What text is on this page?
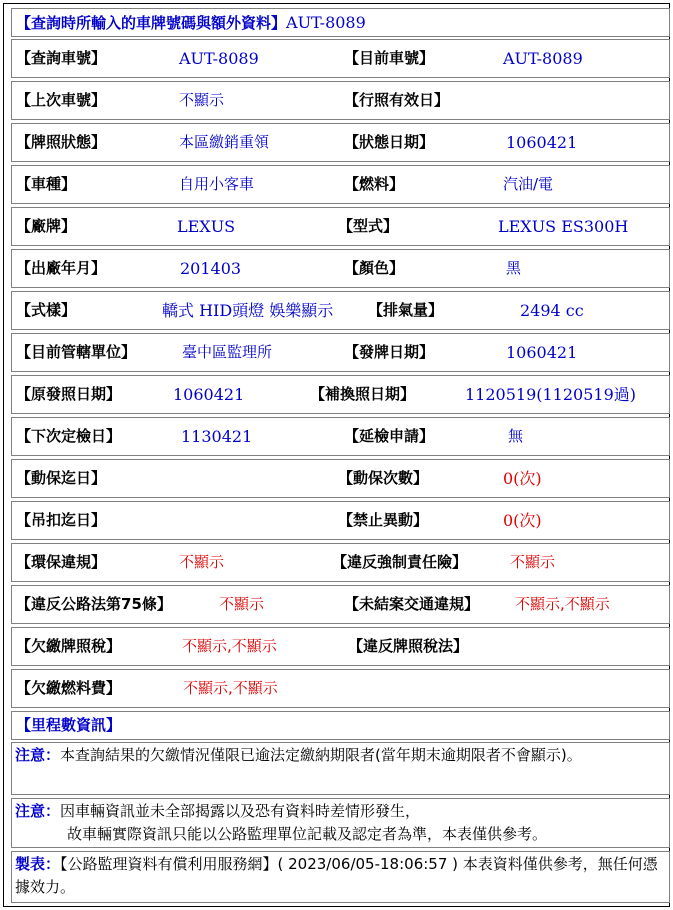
【查詢時所輸入的車牌號碼與額外資料】AUT-8089
【查詢車號】	AUT-8089	【目前車號】	AUT-8089
【上次車號】	不顯示	【行照有效日】
【牌照狀態】	本區繳銷重領	【狀態日期】	1060421
【車種】	自用小客車	【燃料】	汽油/電
【廠牌】	LEXUS	【型式】	LEXUS ES300H
【出廠年月】	201403	【顏色】	黑
【式樣】	轎式 HID頭燈 娛樂顯示 【排氣量】	2494 cc
【目前管轄單位】	臺中區監理所	【發牌日期】	1060421
【原發照日期】	1060421	【補換照日期】	1120519(1120519過)
【下次定檢日】	1130421	【延檢申請】	無
【動保迄日】	【動保次數】	0(次)
【吊扣迄日】	【禁止異動】	0(次)
【環保違規】	不顯示	【違反強制責任險】	不顯示
【違反公路法第75條】	不顯示	【未結案交通違規】 不顯示,不顯示
【欠繳牌照稅】	不顯示,不顯示	【違反牌照稅法】
【欠繳燃料費】	不顯示,不顯示
【里程數資訊】
注意：本查詢結果的欠繳情況僅限已逾法定繳納期限者(當年期末逾期限者不會顯示)。
注意：因車輛資訊並未全部揭露以及恐有資料時差情形發生，
故車輛實際資訊只能以公路監理單位記載及認定者為準，本表僅供參考。
製表：【公路監理資料有償利用服務網】( 2023/06/05-18:06:57 ) 本表資料僅供參考，無任何憑據效力。
